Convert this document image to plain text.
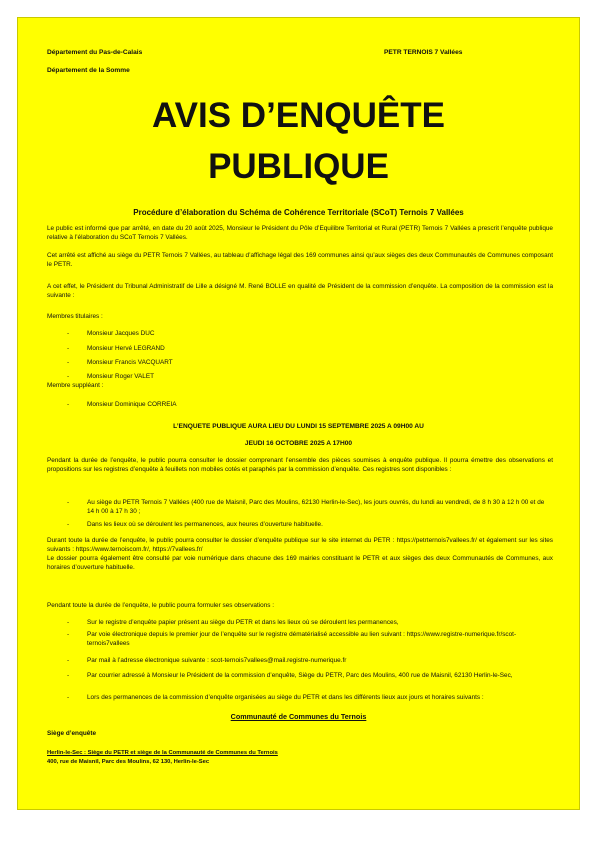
Département du Pas-de-Calais
Département de la Somme
PETR TERNOIS 7 Vallées
AVIS D’ENQUÊTE
PUBLIQUE
Procédure d’élaboration du Schéma de Cohérence Territoriale (SCoT) Ternois 7 Vallées
Le public est informé que par arrêté, en date du 20 août 2025, Monsieur le Président du Pôle d’Equilibre Territorial et Rural (PETR) Ternois 7 Vallées a prescrit l’enquête publique relative à l’élaboration du SCoT Ternois 7 Vallées.
Cet arrêté est affiché au siège du PETR Ternois 7 Vallées, au tableau d’affichage légal des 169 communes ainsi qu’aux sièges des deux Communautés de Communes composant le PETR.
A cet effet, le Président du Tribunal Administratif de Lille a désigné M. René BOLLE en qualité de Président de la commission d’enquête. La composition de la commission est la suivante :
Membres titulaires :
-	Monsieur Jacques DUC
-	Monsieur Hervé LEGRAND
-	Monsieur Francis VACQUART
-	Monsieur Roger VALET
Membre suppléant :
-	Monsieur Dominique CORREIA
L’ENQUETE PUBLIQUE AURA LIEU DU LUNDI 15 SEPTEMBRE 2025 A 09H00 AU
JEUDI 16 OCTOBRE 2025 A 17H00
Pendant la durée de l’enquête, le public pourra consulter le dossier comprenant l’ensemble des pièces soumises à enquête publique. Il pourra émettre des observations et propositions sur les registres d’enquête à feuillets non mobiles cotés et paraphés par la commission d’enquête. Ces registres sont disponibles :
-	Au siège du PETR Ternois 7 Vallées (400 rue de Maisnil, Parc des Moulins, 62130 Herlin-le-Sec), les jours ouvrés, du lundi au vendredi, de 8 h 30 à 12 h 00 et de 14 h 00 à 17 h 30 ;
-	Dans les lieux où se déroulent les permanences, aux heures d’ouverture habituelle.
Durant toute la durée de l’enquête, le public pourra consulter le dossier d’enquête publique sur le site internet du PETR : https://petrternois7vallees.fr/ et également sur les sites suivants : https://www.ternoiscom.fr/, https://7vallees.fr/
Le dossier pourra également être consulté par voie numérique dans chacune des 169 mairies constituant le PETR et aux sièges des deux Communautés de Communes, aux horaires d’ouverture habituelle.
Pendant toute la durée de l’enquête, le public pourra formuler ses observations :
-	Sur le registre d’enquête papier présent au siège du PETR et dans les lieux où se déroulent les permanences,
-	Par voie électronique depuis le premier jour de l’enquête sur le registre dématérialisé accessible au lien suivant : https://www.registre-numerique.fr/scot-ternois7vallees
-	Par mail à l’adresse électronique suivante : scot-ternois7vallees@mail.registre-numerique.fr
-	Par courrier adressé à Monsieur le Président de la commission d’enquête, Siège du PETR, Parc des Moulins, 400 rue de Maisnil, 62130 Herlin-le-Sec,
-	Lors des permanences de la commission d’enquête organisées au siège du PETR et dans les différents lieux aux jours et horaires suivants :
Communauté de Communes du Ternois
Siège d’enquête
Herlin-le-Sec : Siège du PETR et siège de la Communauté de Communes du Ternois
400, rue de Maisnil, Parc des Moulins, 62 130, Herlin-le-Sec
